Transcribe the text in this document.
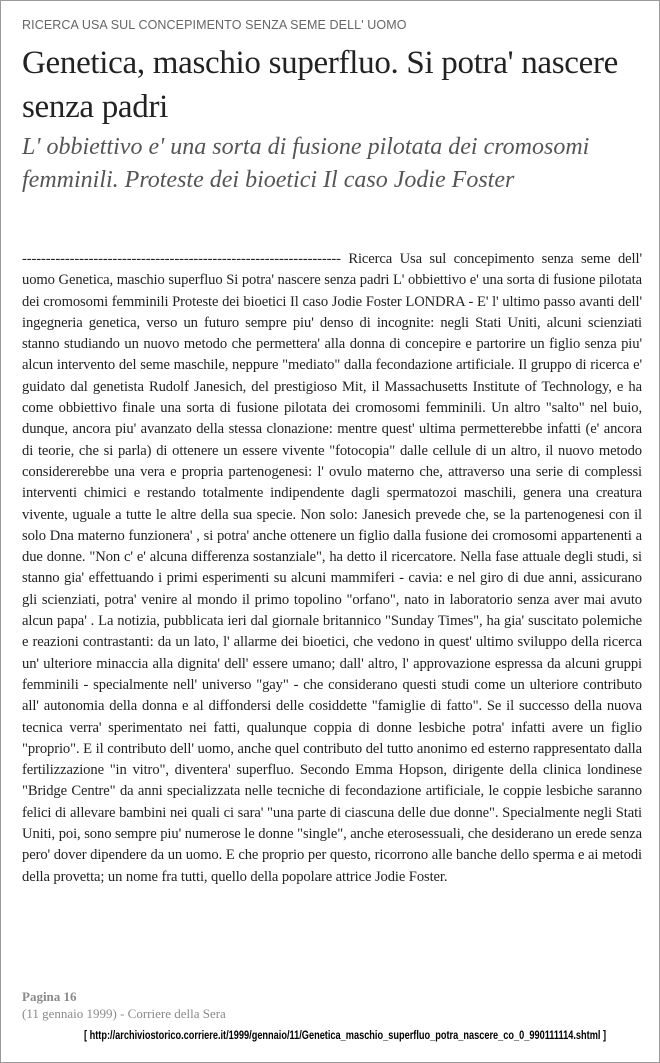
RICERCA USA SUL CONCEPIMENTO SENZA SEME DELL' UOMO
Genetica, maschio superfluo. Si potra' nascere senza padri
L' obbiettivo e' una sorta di fusione pilotata dei cromosomi femminili. Proteste dei bioetici Il caso Jodie Foster

------------------------------------------------------------------- Ricerca Usa sul concepimento senza seme dell' uomo Genetica, maschio superfluo Si potra' nascere senza padri L' obbiettivo e' una sorta di fusione pilotata dei cromosomi femminili Proteste dei bioetici Il caso Jodie Foster LONDRA - E' l' ultimo passo avanti dell' ingegneria genetica, verso un futuro sempre piu' denso di incognite: negli Stati Uniti, alcuni scienziati stanno studiando un nuovo metodo che permettera' alla donna di concepire e partorire un figlio senza piu' alcun intervento del seme maschile, neppure "mediato" dalla fecondazione artificiale. Il gruppo di ricerca e' guidato dal genetista Rudolf Janesich, del prestigioso Mit, il Massachusetts Institute of Technology, e ha come obbiettivo finale una sorta di fusione pilotata dei cromosomi femminili. Un altro "salto" nel buio, dunque, ancora piu' avanzato della stessa clonazione: mentre quest' ultima permetterebbe infatti (e' ancora di teorie, che si parla) di ottenere un essere vivente "fotocopia" dalle cellule di un altro, il nuovo metodo considererebbe una vera e propria partenogenesi: l' ovulo materno che, attraverso una serie di complessi interventi chimici e restando totalmente indipendente dagli spermatozoi maschili, genera una creatura vivente, uguale a tutte le altre della sua specie. Non solo: Janesich prevede che, se la partenogenesi con il solo Dna materno funzionera' , si potra' anche ottenere un figlio dalla fusione dei cromosomi appartenenti a due donne. "Non c' e' alcuna differenza sostanziale", ha detto il ricercatore. Nella fase attuale degli studi, si stanno gia' effettuando i primi esperimenti su alcuni mammiferi - cavia: e nel giro di due anni, assicurano gli scienziati, potra' venire al mondo il primo topolino "orfano", nato in laboratorio senza aver mai avuto alcun papa' . La notizia, pubblicata ieri dal giornale britannico "Sunday Times", ha gia' suscitato polemiche e reazioni contrastanti: da un lato, l' allarme dei bioetici, che vedono in quest' ultimo sviluppo della ricerca un' ulteriore minaccia alla dignita' dell' essere umano; dall' altro, l' approvazione espressa da alcuni gruppi femminili - specialmente nell' universo "gay" - che considerano questi studi come un ulteriore contributo all' autonomia della donna e al diffondersi delle cosiddette "famiglie di fatto". Se il successo della nuova tecnica verra' sperimentato nei fatti, qualunque coppia di donne lesbiche potra' infatti avere un figlio "proprio". E il contributo dell' uomo, anche quel contributo del tutto anonimo ed esterno rappresentato dalla fertilizzazione "in vitro", diventera' superfluo. Secondo Emma Hopson, dirigente della clinica londinese "Bridge Centre" da anni specializzata nelle tecniche di fecondazione artificiale, le coppie lesbiche saranno felici di allevare bambini nei quali ci sara' "una parte di ciascuna delle due donne". Specialmente negli Stati Uniti, poi, sono sempre piu' numerose le donne "single", anche eterosessuali, che desiderano un erede senza pero' dover dipendere da un uomo. E che proprio per questo, ricorrono alle banche dello sperma e ai metodi della provetta; un nome fra tutti, quello della popolare attrice Jodie Foster.

Pagina 16
(11 gennaio 1999) - Corriere della Sera
[ http://archiviostorico.corriere.it/1999/gennaio/11/Genetica_maschio_superfluo_potra_nascere_co_0_990111114.shtml ]
